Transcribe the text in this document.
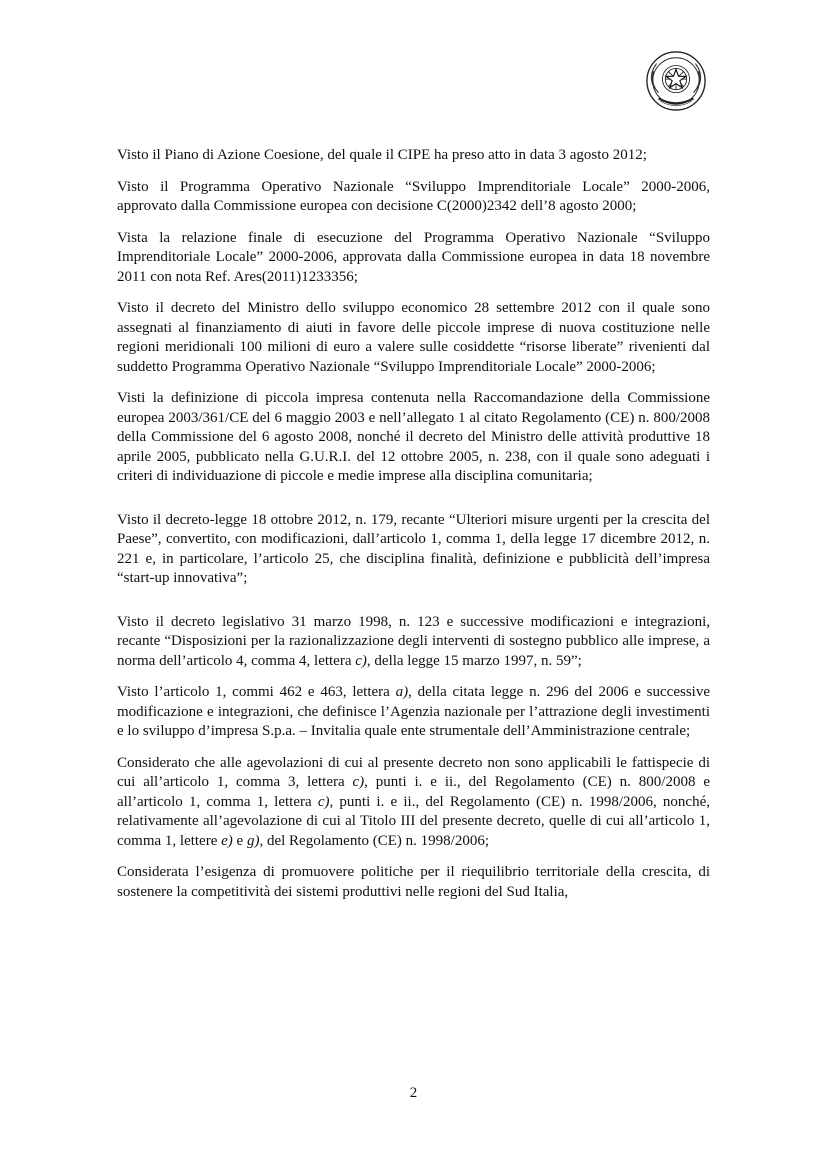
Visto il Piano di Azione Coesione, del quale il CIPE ha preso atto in data 3 agosto 2012;

Visto il Programma Operativo Nazionale “Sviluppo Imprenditoriale Locale” 2000-2006, approvato dalla Commissione europea con decisione C(2000)2342 dell’8 agosto 2000;

Vista la relazione finale di esecuzione del Programma Operativo Nazionale “Sviluppo Imprenditoriale Locale” 2000-2006, approvata dalla Commissione europea in data 18 novembre 2011 con nota Ref. Ares(2011)1233356;

Visto il decreto del Ministro dello sviluppo economico 28 settembre 2012 con il quale sono assegnati al finanziamento di aiuti in favore delle piccole imprese di nuova costituzione nelle regioni meridionali 100 milioni di euro a valere sulle cosiddette “risorse liberate” rivenienti dal suddetto Programma Operativo Nazionale “Sviluppo Imprenditoriale Locale” 2000-2006;

Visti la definizione di piccola impresa contenuta nella Raccomandazione della Commissione europea 2003/361/CE del 6 maggio 2003 e nell’allegato 1 al citato Regolamento (CE) n. 800/2008 della Commissione del 6 agosto 2008, nonché il decreto del Ministro delle attività produttive 18 aprile 2005, pubblicato nella G.U.R.I. del 12 ottobre 2005, n. 238, con il quale sono adeguati i criteri di individuazione di piccole e medie imprese alla disciplina comunitaria;

Visto il decreto-legge 18 ottobre 2012, n. 179, recante “Ulteriori misure urgenti per la crescita del Paese”, convertito, con modificazioni, dall’articolo 1, comma 1, della legge 17 dicembre 2012, n. 221 e, in particolare, l’articolo 25, che disciplina finalità, definizione e pubblicità dell’impresa “start-up innovativa”;

Visto il decreto legislativo 31 marzo 1998, n. 123 e successive modificazioni e integrazioni, recante “Disposizioni per la razionalizzazione degli interventi di sostegno pubblico alle imprese, a norma dell’articolo 4, comma 4, lettera c), della legge 15 marzo 1997, n. 59”;

Visto l’articolo 1, commi 462 e 463, lettera a), della citata legge n. 296 del 2006 e successive modificazione e integrazioni, che definisce l’Agenzia nazionale per l’attrazione degli investimenti e lo sviluppo d’impresa S.p.a. – Invitalia quale ente strumentale dell’Amministrazione centrale;

Considerato che alle agevolazioni di cui al presente decreto non sono applicabili le fattispecie di cui all’articolo 1, comma 3, lettera c), punti i. e ii., del Regolamento (CE) n. 800/2008 e all’articolo 1, comma 1, lettera c), punti i. e ii., del Regolamento (CE) n. 1998/2006, nonché, relativamente all’agevolazione di cui al Titolo III del presente decreto, quelle di cui all’articolo 1, comma 1, lettere e) e g), del Regolamento (CE) n. 1998/2006;

Considerata l’esigenza di promuovere politiche per il riequilibrio territoriale della crescita, di sostenere la competitività dei sistemi produttivi nelle regioni del Sud Italia,

2
